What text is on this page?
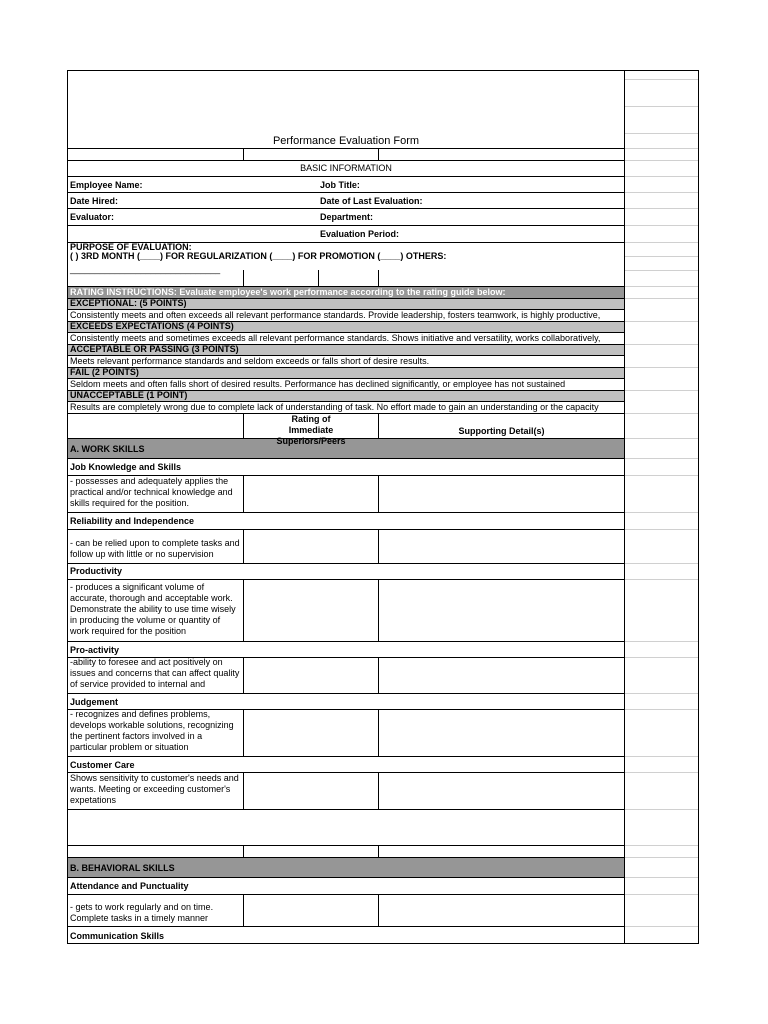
Performance Evaluation Form
BASIC INFORMATION
Employee Name:
Date Hired:
Evaluator:
Job Title:
Date of Last Evaluation:
Department:
Evaluation Period:
PURPOSE OF EVALUATION:
( ) 3RD MONTH (____) FOR REGULARIZATION (____) FOR PROMOTION (____) OTHERS:
______________________________
RATING INSTRUCTIONS: Evaluate employee's work performance according to the rating guide below:
EXCEPTIONAL: (5 POINTS)
Consistently meets and often exceeds all relevant performance standards. Provide leadership, fosters teamwork, is highly productive,
EXCEEDS EXPECTATIONS (4 POINTS)
Consistently meets and sometimes exceeds all relevant performance standards. Shows initiative and versatility, works collaboratively,
ACCEPTABLE OR PASSING (3 POINTS)
Meets relevant performance standards and seldom exceeds or falls short of desire results.
FAIL (2 POINTS)
Seldom meets and often falls short of desired results. Performance has declined significantly, or employee has not sustained
UNACCEPTABLE (1 POINT)
Results are completely wrong due to complete lack of understanding of task. No effort made to gain an understanding or the capacity
Rating of Immediate Superiors/Peers
Supporting Detail(s)
A. WORK SKILLS
Job Knowledge and Skills
- possesses and adequately applies the practical and/or technical knowledge and skills required for the position.
Reliability and Independence
- can be relied upon to complete tasks and follow up with little or no supervision
Productivity
- produces a significant volume of accurate, thorough and acceptable work. Demonstrate the ability to use time wisely in producing the volume or quantity of work required for the position
Pro-activity
-ability to foresee and act positively on issues and concerns that can affect quality of service provided to internal and
Judgement
- recognizes and defines problems, develops workable solutions, recognizing the pertinent factors involved in a particular problem or situation
Customer Care
Shows sensitivity to customer's needs and wants. Meeting or exceeding customer's expetations
B. BEHAVIORAL SKILLS
Attendance and Punctuality
- gets to work regularly and on time. Complete tasks in a timely manner
Communication Skills
